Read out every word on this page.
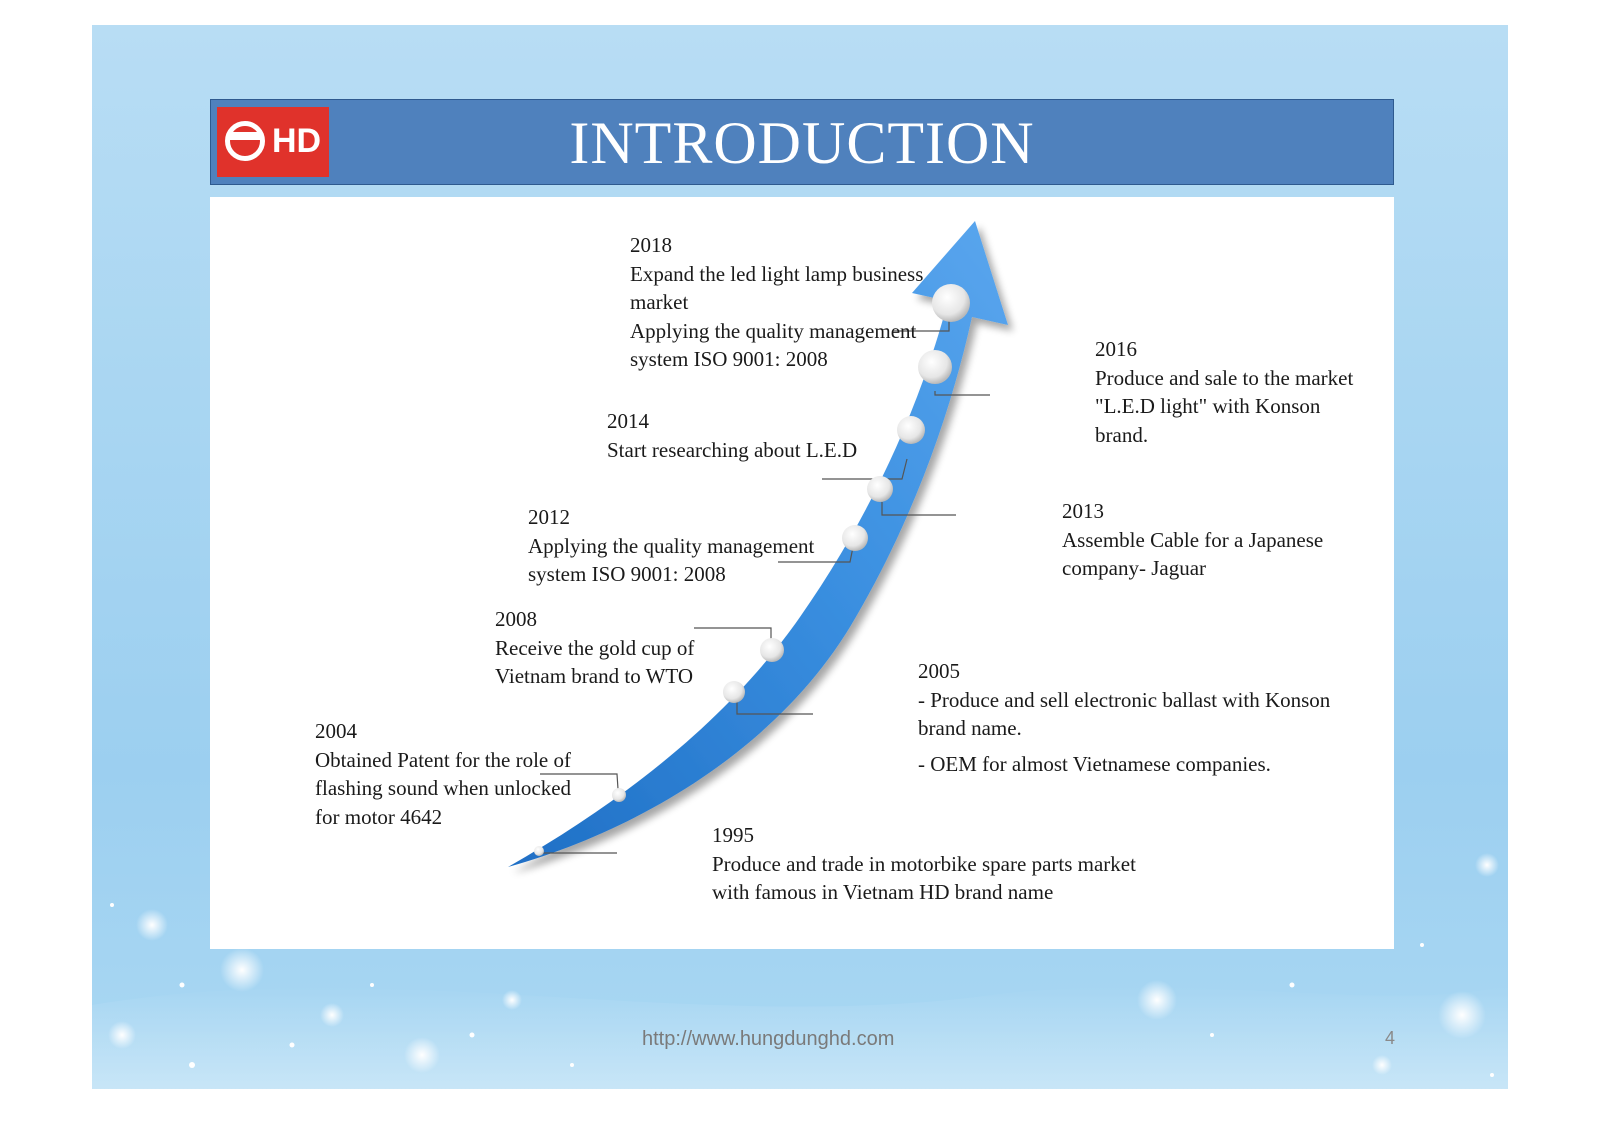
HD	INTRODUCTION
2018
Expand the led light lamp business
market
Applying the quality management
system ISO 9001: 2008	2016
Produce and sale to the market
"L.E.D light" with Konson
brand.
2014
Start researching about L.E.D
2013
Assemble Cable for a Japanese
company- Jaguar
2012
Applying the quality management
system ISO 9001: 2008
2008
Receive the gold cup of
Vietnam brand to WTO	2005
- Produce and sell electronic ballast with Konson
brand name.
- OEM for almost Vietnamese companies.
2004
Obtained Patent for the role of
flashing sound when unlocked
for motor 4642
1995
Produce and trade in motorbike spare parts market
with famous in Vietnam HD brand name
http://www.hungdunghd.com	4
